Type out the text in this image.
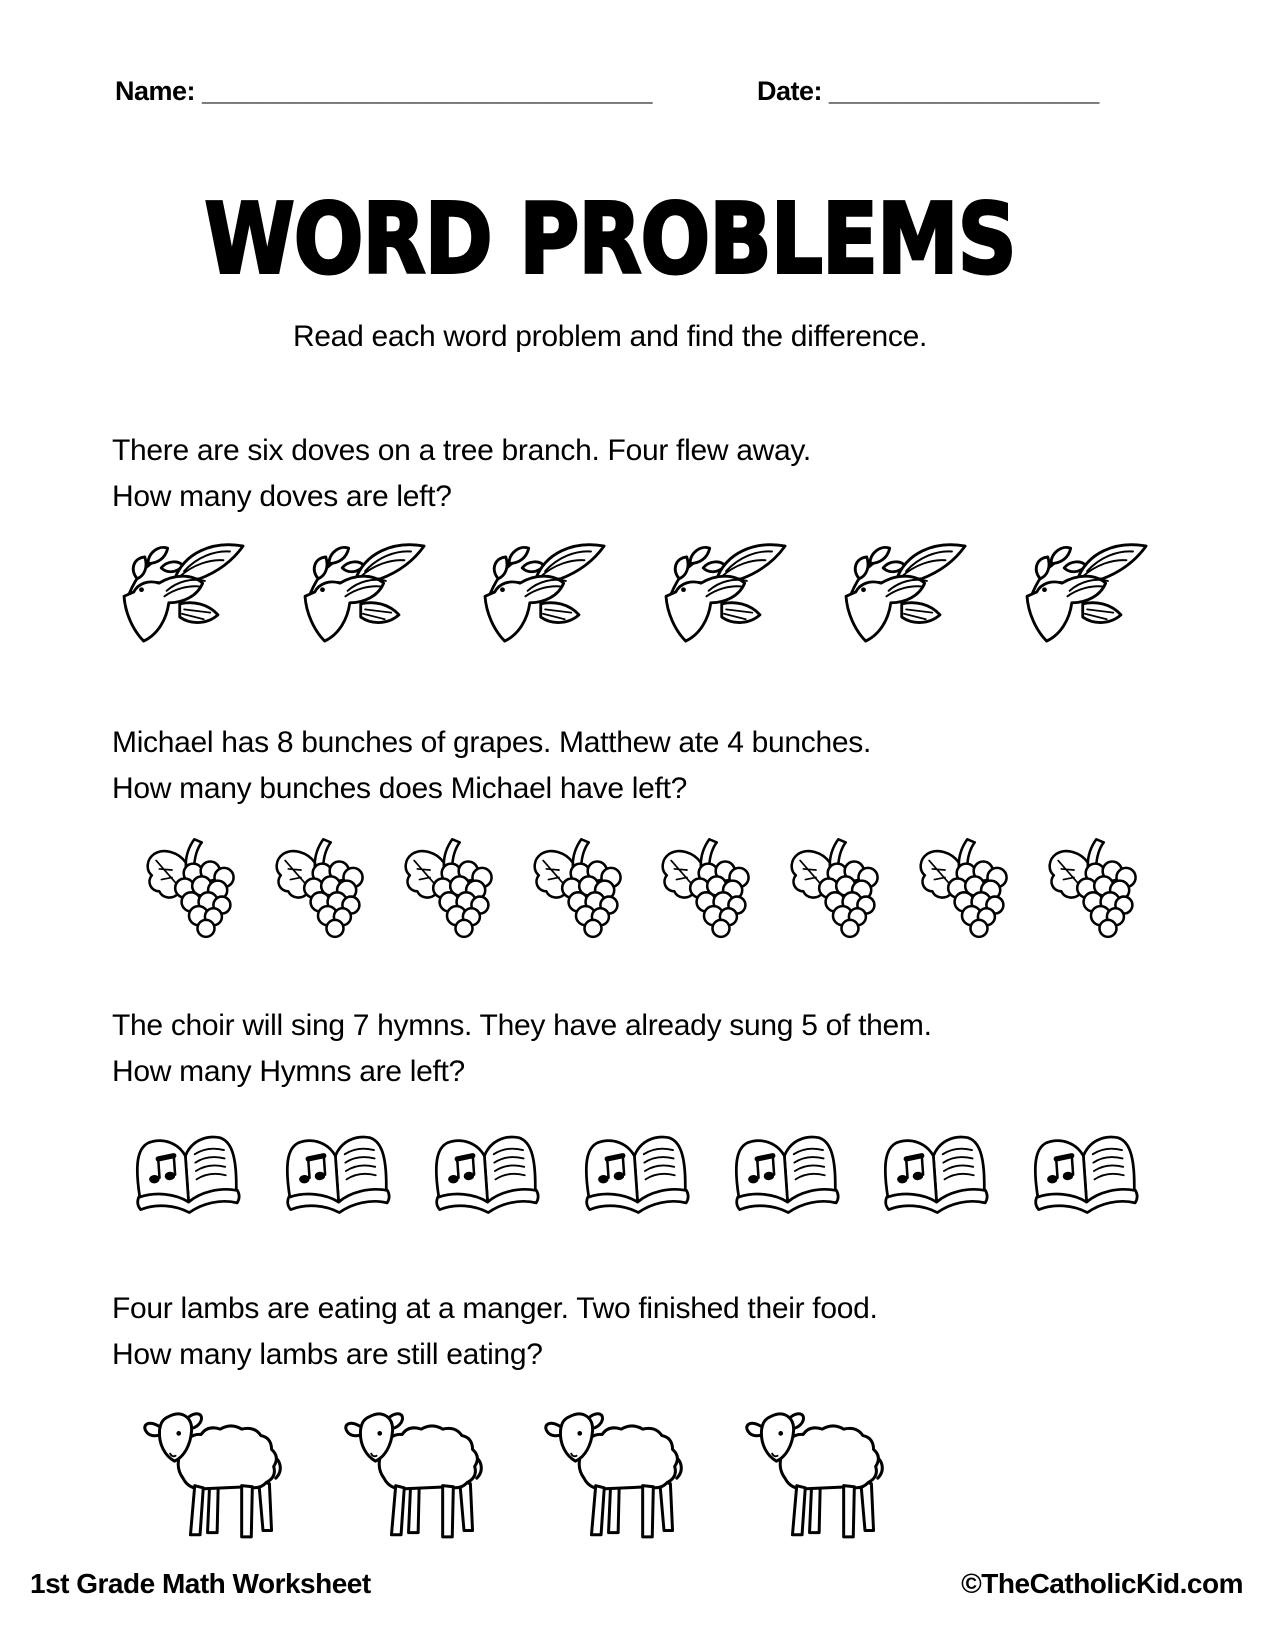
Name: ______________________________	Date: __________________
WORD PROBLEMS
Read each word problem and find the difference.
There are six doves on a tree branch. Four flew away.
How many doves are left?
Michael has 8 bunches of grapes. Matthew ate 4 bunches.
How many bunches does Michael have left?
The choir will sing 7 hymns. They have already sung 5 of them.
How many Hymns are left?
Four lambs are eating at a manger. Two finished their food.
How many lambs are still eating?
1st Grade Math Worksheet	©TheCatholicKid.com
